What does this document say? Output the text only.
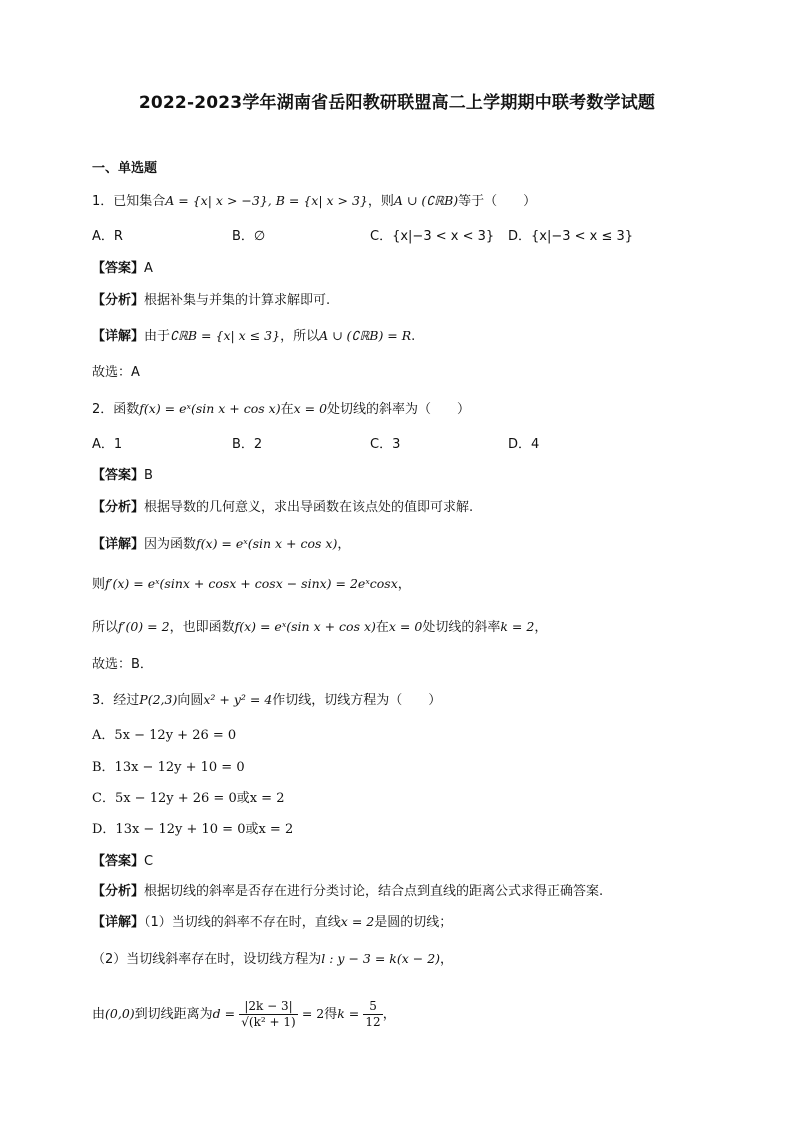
2022-2023学年湖南省岳阳教研联盟高二上学期期中联考数学试题
一、单选题
1．已知集合A = {x| x > −3}, B = {x| x > 3}，则A ∪ (∁ℝB)等于（　　）
A．R	B．∅	C．{x|−3 < x < 3} D．{x|−3 < x ≤ 3}
【答案】A
【分析】根据补集与并集的计算求解即可.
【详解】由于∁ℝB = {x| x ≤ 3}，所以A ∪ (∁ℝB) = R.
故选：A
2．函数f(x) = eˣ(sin x + cos x)在x = 0处切线的斜率为（　　）
A．1	B．2	C．3	D．4
【答案】B
【分析】根据导数的几何意义，求出导函数在该点处的值即可求解.
【详解】因为函数f(x) = eˣ(sin x + cos x)，
则f′(x) = eˣ(sinx + cosx + cosx − sinx) = 2eˣcosx，
所以f′(0) = 2，也即函数f(x) = eˣ(sin x + cos x)在x = 0处切线的斜率k = 2，
故选：B．
3．经过P(2,3)向圆x² + y² = 4作切线，切线方程为（　　）
A．5x − 12y + 26 = 0
B．13x − 12y + 10 = 0
C．5x − 12y + 26 = 0或x = 2
D．13x − 12y + 10 = 0或x = 2
【答案】C
【分析】根据切线的斜率是否存在进行分类讨论，结合点到直线的距离公式求得正确答案.
【详解】（1）当切线的斜率不存在时，直线x = 2是圆的切线；
（2）当切线斜率存在时，设切线方程为l : y − 3 = k(x − 2)，
由(0,0)到切线距离为$d = \frac{|2k - 3|}{\text{√(k² + 1)}} = 2$得$k = \frac{5}{12}$ ，
